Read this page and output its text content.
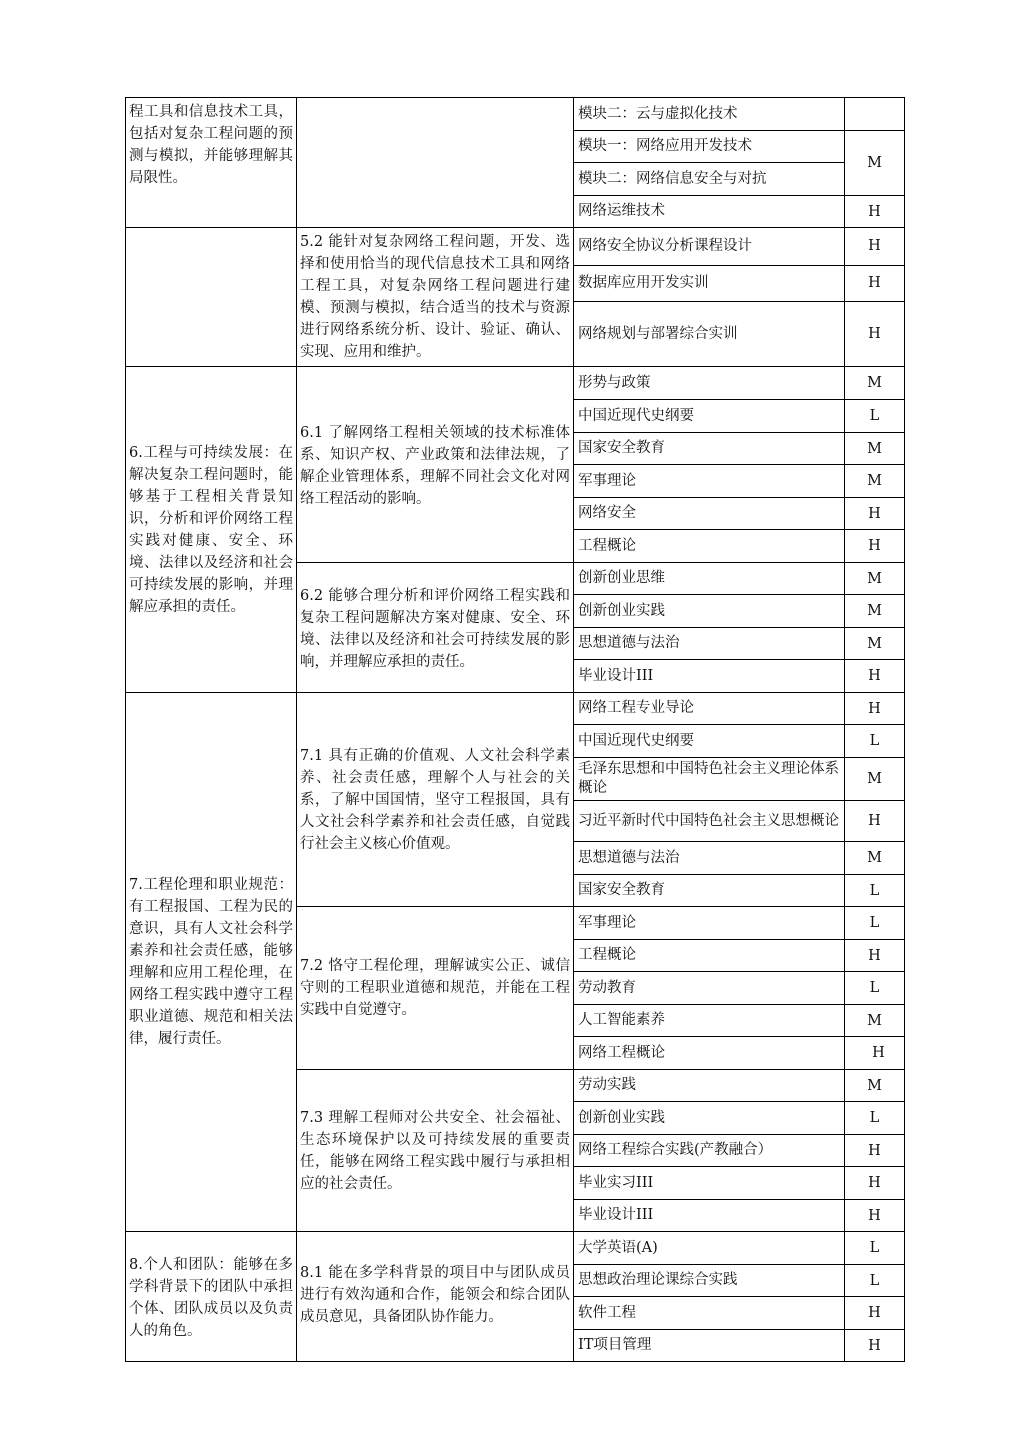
程工具和信息技术工具，包括对复杂工程问题的预测与模拟，并能够理解其局限性。		模块二：云与虚拟化技术	
		模块一：网络应用开发技术	M
		模块二：网络信息安全与对抗	
		网络运维技术	H
	5.2 能针对复杂网络工程问题，开发、选择和使用恰当的现代信息技术工具和网络工程工具，对复杂网络工程问题进行建模、预测与模拟，结合适当的技术与资源进行网络系统分析、设计、验证、确认、实现、应用和维护。	网络安全协议分析课程设计	H
		数据库应用开发实训	H
		网络规划与部署综合实训	H
6.工程与可持续发展：在解决复杂工程问题时，能够基于工程相关背景知识，分析和评价网络工程实践对健康、安全、环境、法律以及经济和社会可持续发展的影响，并理解应承担的责任。	6.1 了解网络工程相关领域的技术标准体系、知识产权、产业政策和法律法规，了解企业管理体系，理解不同社会文化对网络工程活动的影响。	形势与政策	M
		中国近现代史纲要	L
		国家安全教育	M
		军事理论	M
		网络安全	H
		工程概论	H
	6.2 能够合理分析和评价网络工程实践和复杂工程问题解决方案对健康、安全、环境、法律以及经济和社会可持续发展的影响，并理解应承担的责任。	创新创业思维	M
		创新创业实践	M
		思想道德与法治	M
		毕业设计III	H
7.工程伦理和职业规范：有工程报国、工程为民的意识，具有人文社会科学素养和社会责任感，能够理解和应用工程伦理，在网络工程实践中遵守工程职业道德、规范和相关法律，履行责任。	7.1 具有正确的价值观、人文社会科学素养、社会责任感，理解个人与社会的关系，了解中国国情，坚守工程报国，具有人文社会科学素养和社会责任感，自觉践行社会主义核心价值观。	网络工程专业导论	H
		中国近现代史纲要	L
		毛泽东思想和中国特色社会主义理论体系概论	M
		习近平新时代中国特色社会主义思想概论	H
		思想道德与法治	M
		国家安全教育	L
	7.2 恪守工程伦理，理解诚实公正、诚信守则的工程职业道德和规范，并能在工程实践中自觉遵守。	军事理论	L
		工程概论	H
		劳动教育	L
		人工智能素养	M
		网络工程概论	H
	7.3 理解工程师对公共安全、社会福祉、生态环境保护以及可持续发展的重要责任，能够在网络工程实践中履行与承担相应的社会责任。	劳动实践	M
		创新创业实践	L
		网络工程综合实践(产教融合）	H
		毕业实习III	H
		毕业设计III	H
8.个人和团队：能够在多学科背景下的团队中承担个体、团队成员以及负责人的角色。	8.1 能在多学科背景的项目中与团队成员进行有效沟通和合作，能领会和综合团队成员意见，具备团队协作能力。	大学英语(A)	L
		思想政治理论课综合实践	L
		软件工程	H
		IT项目管理	H
